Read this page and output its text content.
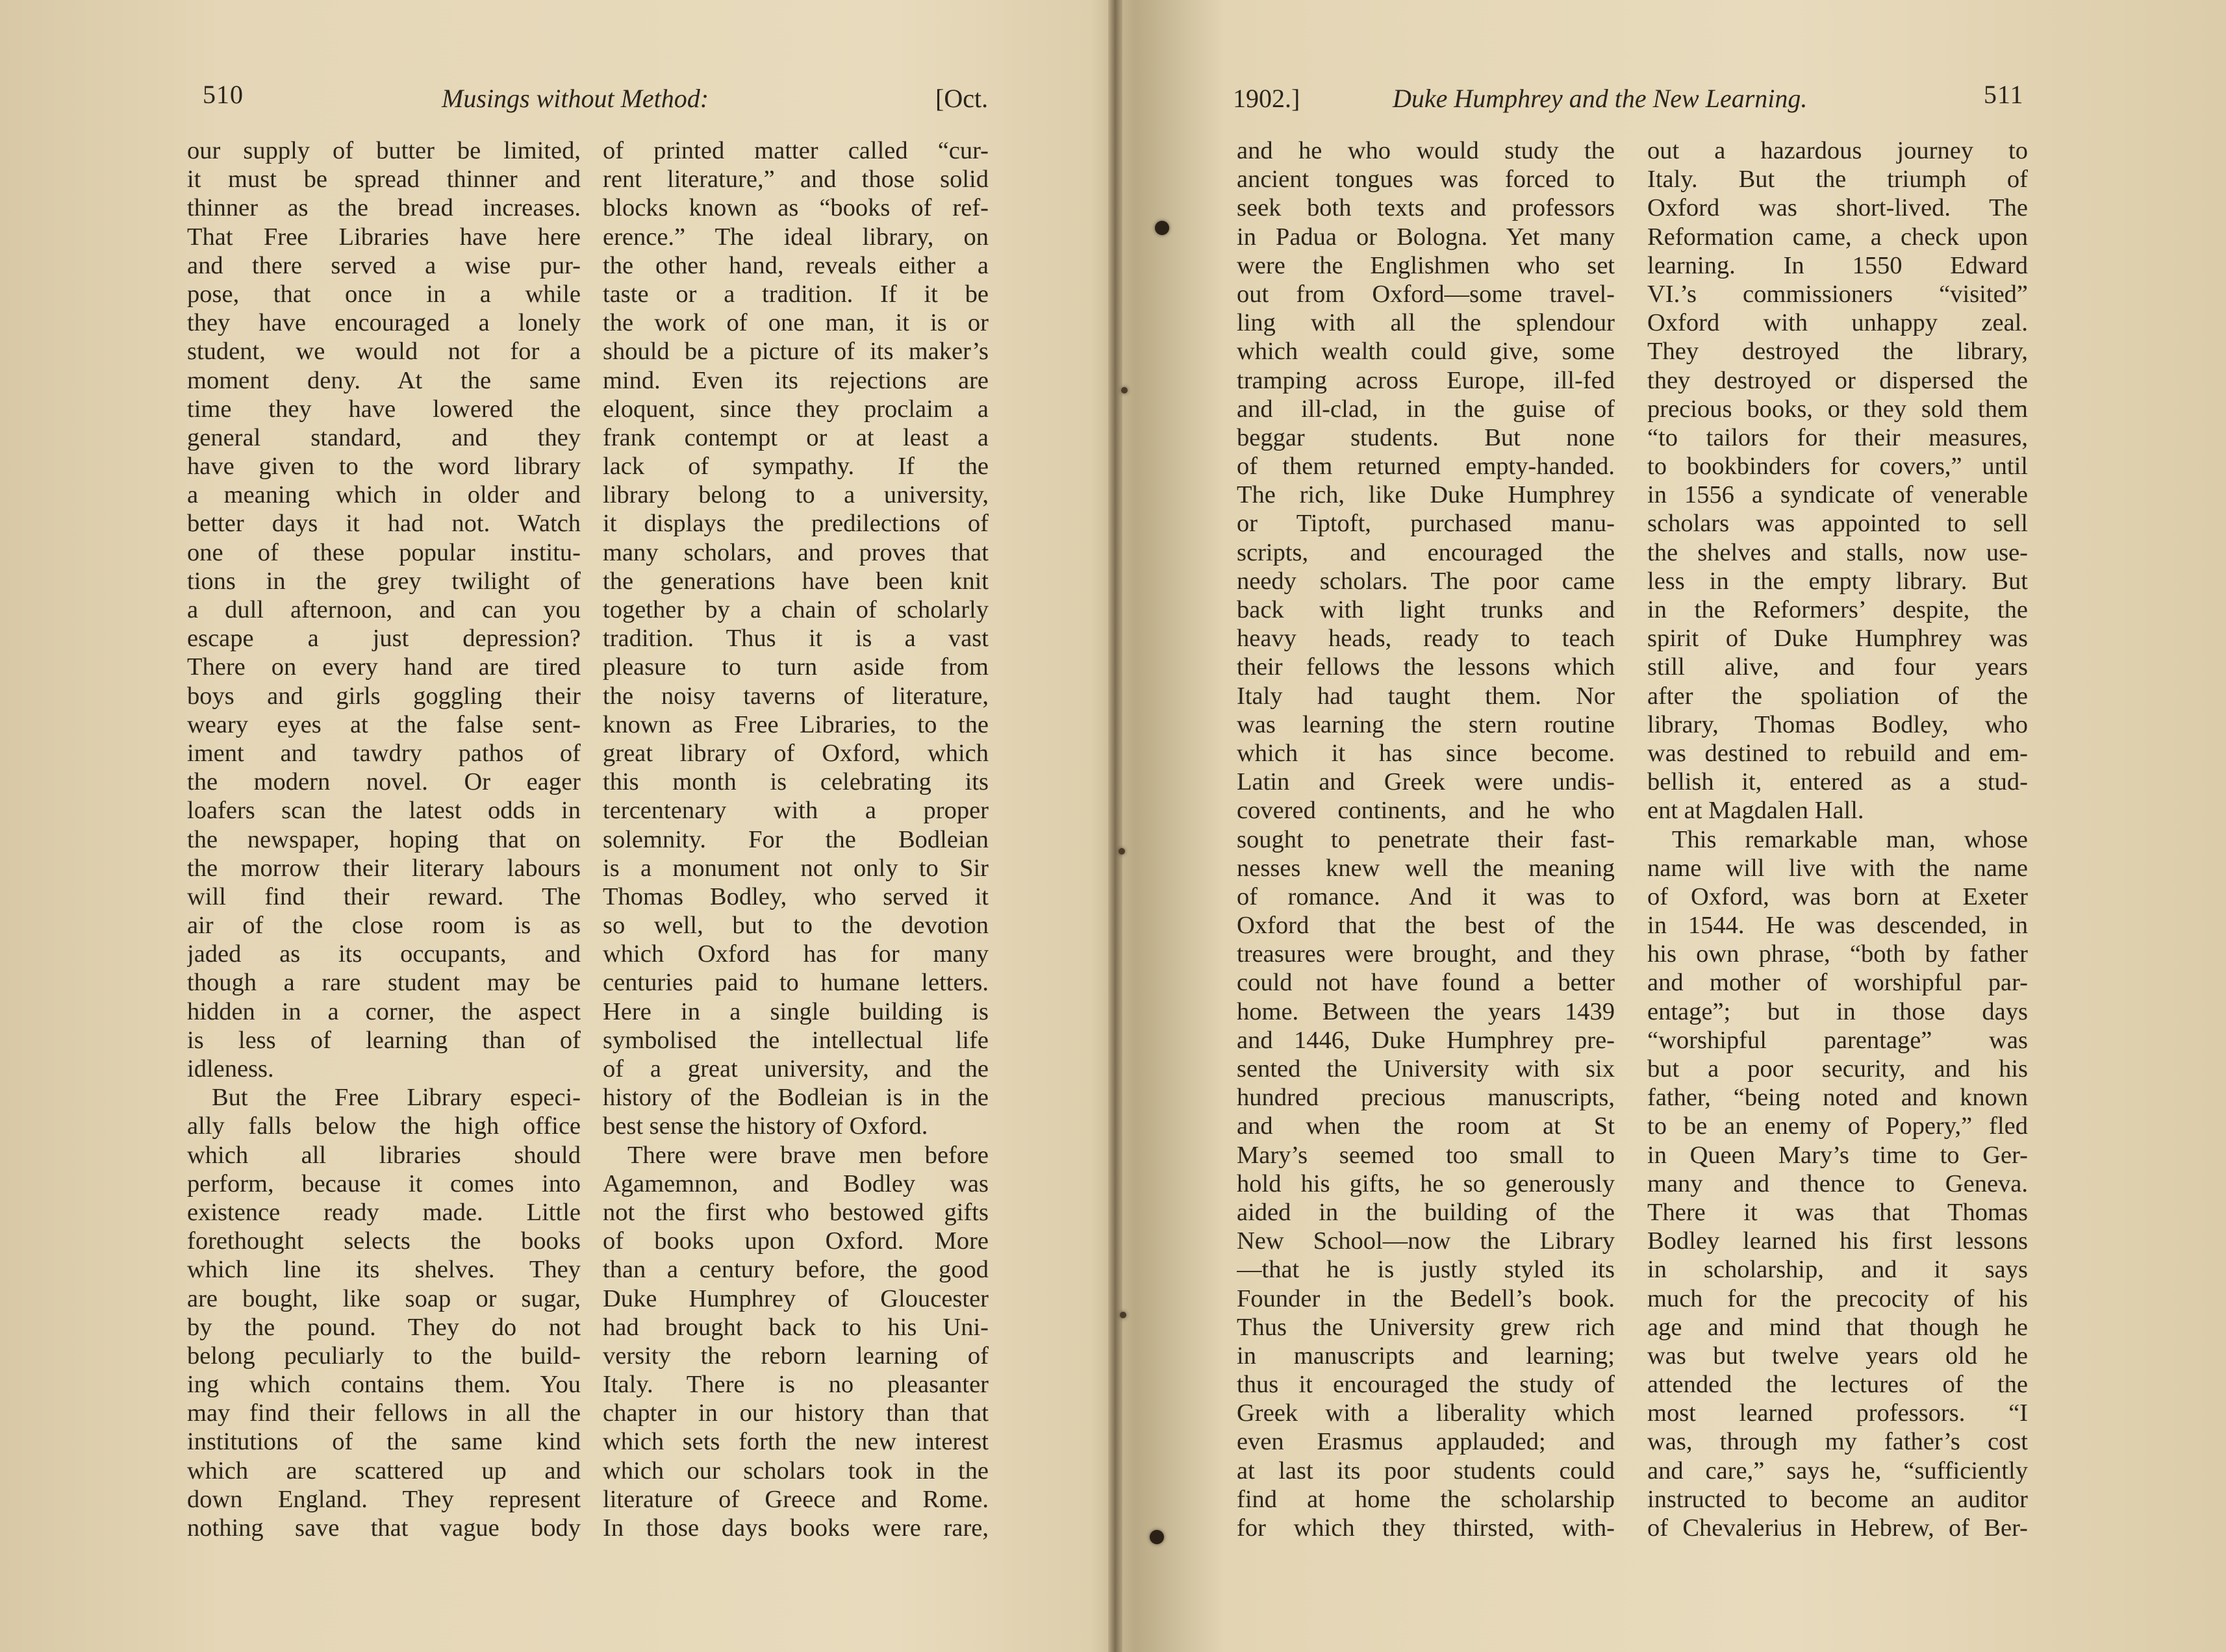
510	Musings without Method:	[Oct.
our supply of butter be limited,
it must be spread thinner and
thinner as the bread increases.
That Free Libraries have here
and there served a wise pur-
pose, that once in a while
they have encouraged a lonely
student, we would not for a
moment deny. At the same
time they have lowered the
general standard, and they
have given to the word library
a meaning which in older and
better days it had not. Watch
one of these popular institu-
tions in the grey twilight of
a dull afternoon, and can you
escape a just depression?
There on every hand are tired
boys and girls goggling their
weary eyes at the false sent-
iment and tawdry pathos of
the modern novel. Or eager
loafers scan the latest odds in
the newspaper, hoping that on
the morrow their literary labours
will find their reward. The
air of the close room is as
jaded as its occupants, and
though a rare student may be
hidden in a corner, the aspect
is less of learning than of
idleness.
But the Free Library especi-
ally falls below the high office
which all libraries should
perform, because it comes into
existence ready made. Little
forethought selects the books
which line its shelves. They
are bought, like soap or sugar,
by the pound. They do not
belong peculiarly to the build-
ing which contains them. You
may find their fellows in all the
institutions of the same kind
which are scattered up and
down England. They represent
nothing save that vague body
of printed matter called “cur-
rent literature,” and those solid
blocks known as “books of ref-
erence.” The ideal library, on
the other hand, reveals either a
taste or a tradition. If it be
the work of one man, it is or
should be a picture of its maker’s
mind. Even its rejections are
eloquent, since they proclaim a
frank contempt or at least a
lack of sympathy. If the
library belong to a university,
it displays the predilections of
many scholars, and proves that
the generations have been knit
together by a chain of scholarly
tradition. Thus it is a vast
pleasure to turn aside from
the noisy taverns of literature,
known as Free Libraries, to the
great library of Oxford, which
this month is celebrating its
tercentenary with a proper
solemnity. For the Bodleian
is a monument not only to Sir
Thomas Bodley, who served it
so well, but to the devotion
which Oxford has for many
centuries paid to humane letters.
Here in a single building is
symbolised the intellectual life
of a great university, and the
history of the Bodleian is in the
best sense the history of Oxford.
There were brave men before
Agamemnon, and Bodley was
not the first who bestowed gifts
of books upon Oxford. More
than a century before, the good
Duke Humphrey of Gloucester
had brought back to his Uni-
versity the reborn learning of
Italy. There is no pleasanter
chapter in our history than that
which sets forth the new interest
which our scholars took in the
literature of Greece and Rome.
In those days books were rare,
1902.]	Duke Humphrey and the New Learning.	511
and he who would study the
ancient tongues was forced to
seek both texts and professors
in Padua or Bologna. Yet many
were the Englishmen who set
out from Oxford—some travel-
ling with all the splendour
which wealth could give, some
tramping across Europe, ill-fed
and ill-clad, in the guise of
beggar students. But none
of them returned empty-handed.
The rich, like Duke Humphrey
or Tiptoft, purchased manu-
scripts, and encouraged the
needy scholars. The poor came
back with light trunks and
heavy heads, ready to teach
their fellows the lessons which
Italy had taught them. Nor
was learning the stern routine
which it has since become.
Latin and Greek were undis-
covered continents, and he who
sought to penetrate their fast-
nesses knew well the meaning
of romance. And it was to
Oxford that the best of the
treasures were brought, and they
could not have found a better
home. Between the years 1439
and 1446, Duke Humphrey pre-
sented the University with six
hundred precious manuscripts,
and when the room at St
Mary’s seemed too small to
hold his gifts, he so generously
aided in the building of the
New School—now the Library
—that he is justly styled its
Founder in the Bedell’s book.
Thus the University grew rich
in manuscripts and learning;
thus it encouraged the study of
Greek with a liberality which
even Erasmus applauded; and
at last its poor students could
find at home the scholarship
for which they thirsted, with-
out a hazardous journey to
Italy. But the triumph of
Oxford was short-lived. The
Reformation came, a check upon
learning. In 1550 Edward
VI.’s commissioners “visited”
Oxford with unhappy zeal.
They destroyed the library,
they destroyed or dispersed the
precious books, or they sold them
“to tailors for their measures,
to bookbinders for covers,” until
in 1556 a syndicate of venerable
scholars was appointed to sell
the shelves and stalls, now use-
less in the empty library. But
in the Reformers’ despite, the
spirit of Duke Humphrey was
still alive, and four years
after the spoliation of the
library, Thomas Bodley, who
was destined to rebuild and em-
bellish it, entered as a stud-
ent at Magdalen Hall.
This remarkable man, whose
name will live with the name
of Oxford, was born at Exeter
in 1544. He was descended, in
his own phrase, “both by father
and mother of worshipful par-
entage”; but in those days
“worshipful parentage” was
but a poor security, and his
father, “being noted and known
to be an enemy of Popery,” fled
in Queen Mary’s time to Ger-
many and thence to Geneva.
There it was that Thomas
Bodley learned his first lessons
in scholarship, and it says
much for the precocity of his
age and mind that though he
was but twelve years old he
attended the lectures of the
most learned professors. “I
was, through my father’s cost
and care,” says he, “sufficiently
instructed to become an auditor
of Chevalerius in Hebrew, of Ber-
